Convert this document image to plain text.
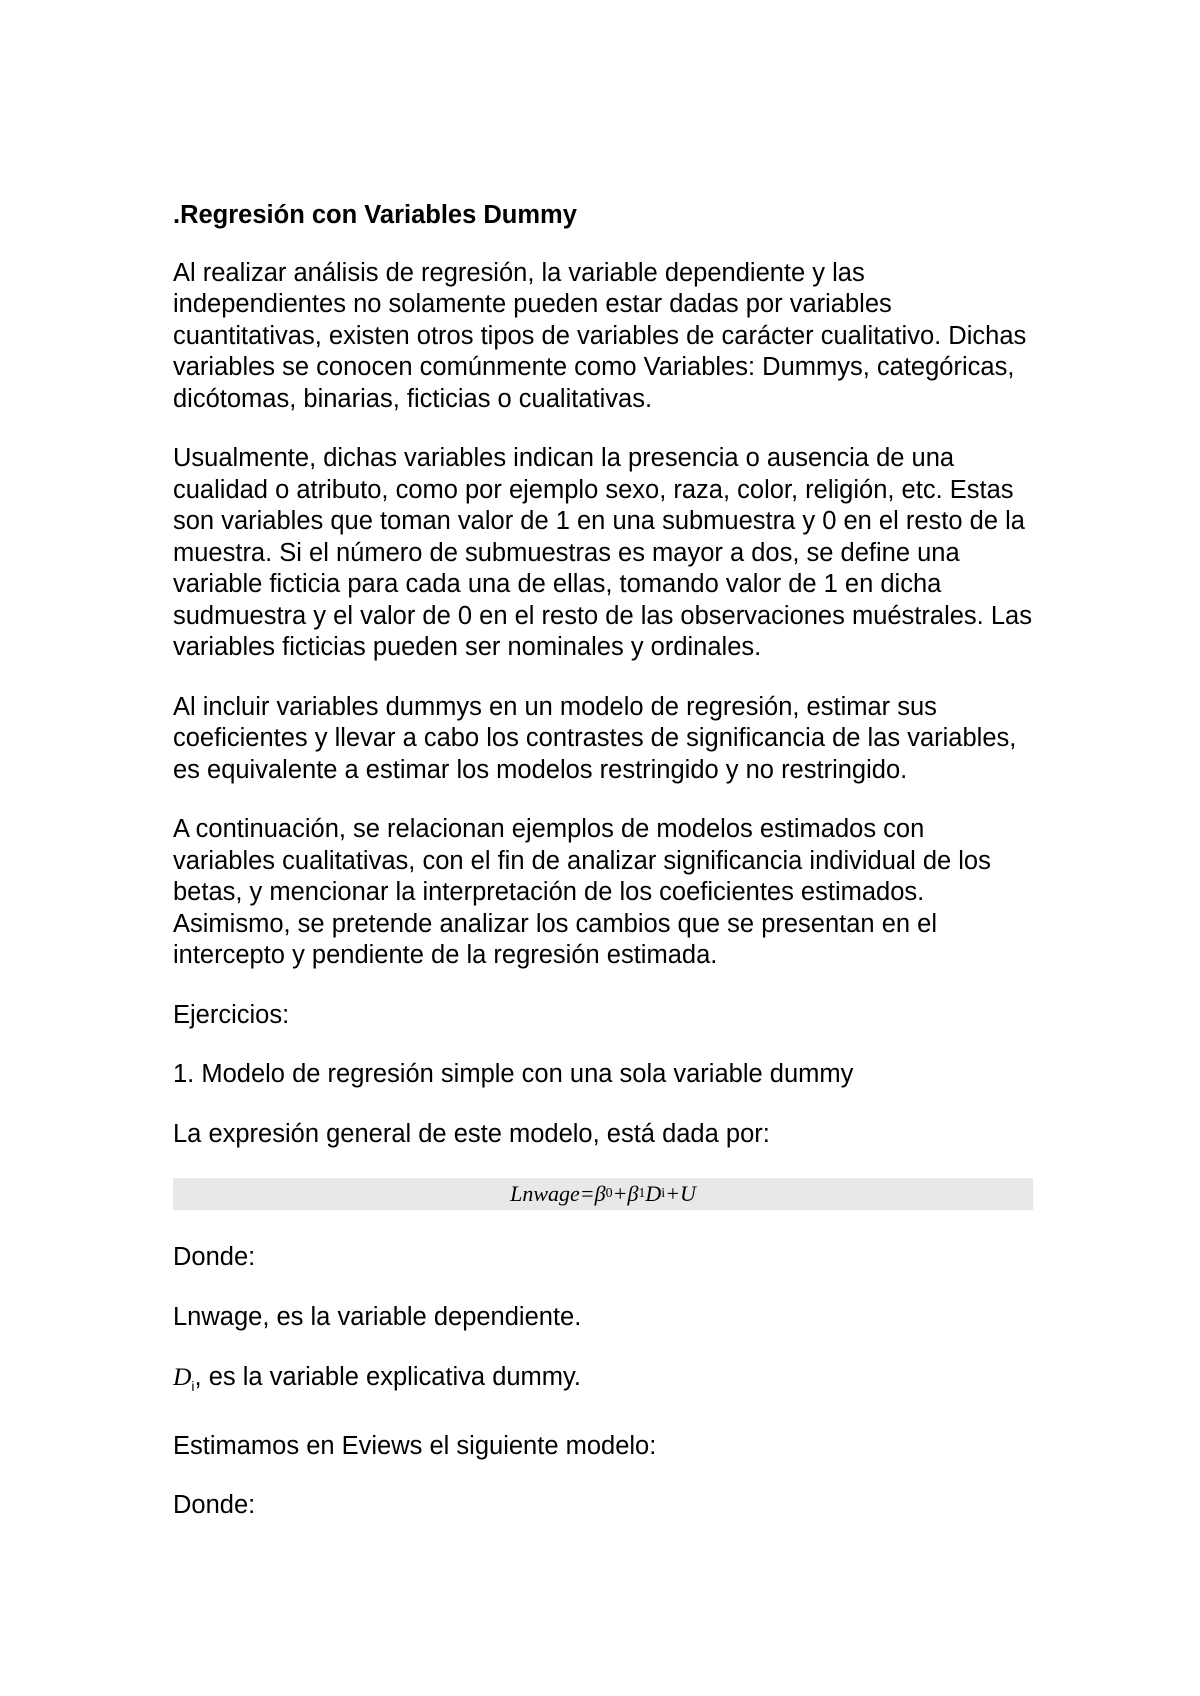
.Regresión con Variables Dummy

Al realizar análisis de regresión, la variable dependiente y las independientes no solamente pueden estar dadas por variables cuantitativas, existen otros tipos de variables de carácter cualitativo. Dichas variables se conocen comúnmente como Variables: Dummys, categóricas, dicótomas, binarias, ficticias o cualitativas.

Usualmente, dichas variables indican la presencia o ausencia de una cualidad o atributo, como por ejemplo sexo, raza, color, religión, etc. Estas son variables que toman valor de 1 en una submuestra y 0 en el resto de la muestra. Si el número de submuestras es mayor a dos, se define una variable ficticia para cada una de ellas, tomando valor de 1 en dicha sudmuestra y el valor de 0 en el resto de las observaciones muéstrales. Las variables ficticias pueden ser nominales y ordinales.

Al incluir variables dummys en un modelo de regresión, estimar sus coeficientes y llevar a cabo los contrastes de significancia de las variables, es equivalente a estimar los modelos restringido y no restringido.

A continuación, se relacionan ejemplos de modelos estimados con variables cualitativas, con el fin de analizar significancia individual de los betas, y mencionar la interpretación de los coeficientes estimados. Asimismo, se pretende analizar los cambios que se presentan en el intercepto y pendiente de la regresión estimada.

Ejercicios:

1. Modelo de regresión simple con una sola variable dummy

La expresión general de este modelo, está dada por:

Lnwage= β 0 + β 1 D i +U

Donde:

Lnwage, es la variable dependiente.

$D_i$, es la variable explicativa dummy.

Estimamos en Eviews el siguiente modelo:

Donde:
